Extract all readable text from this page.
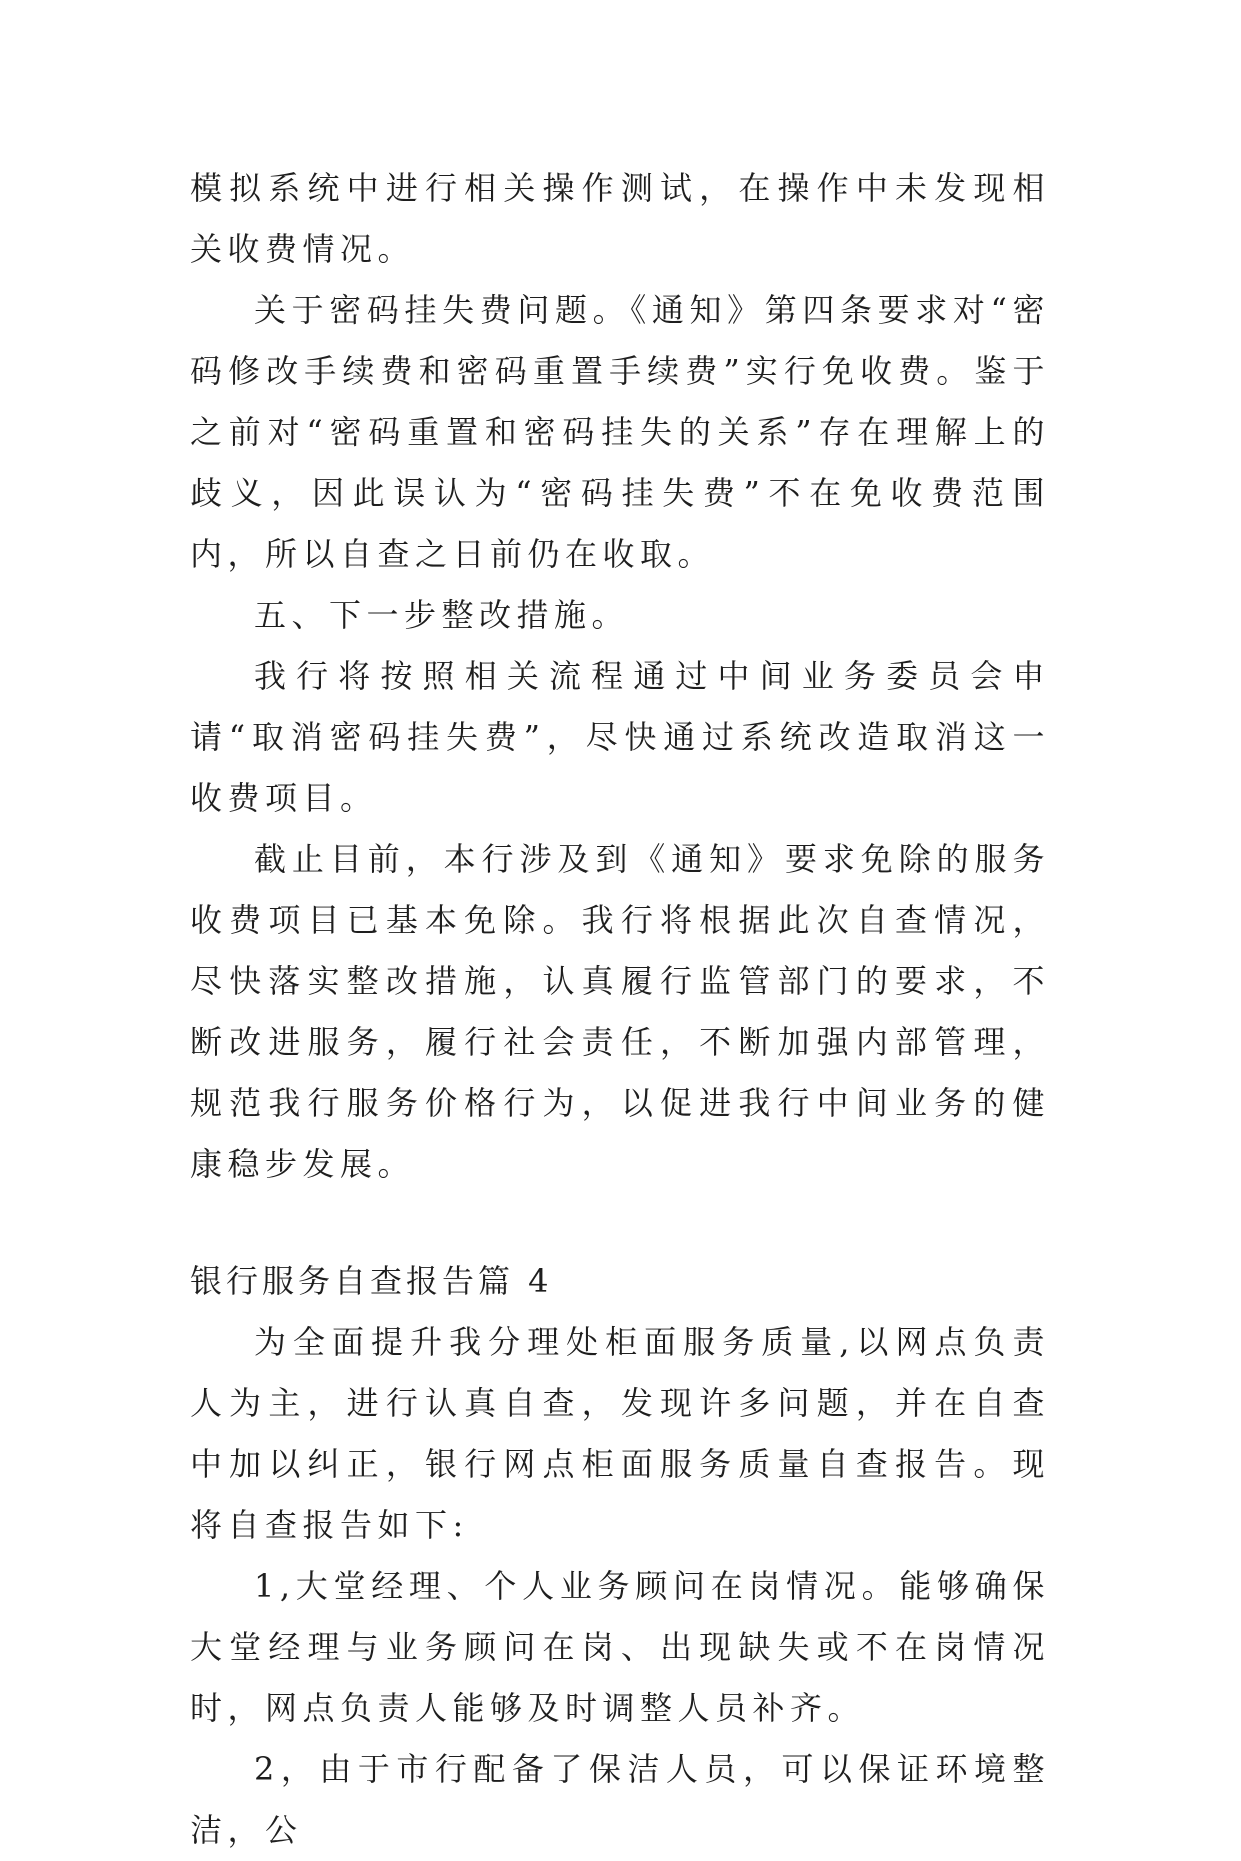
模拟系统中进行相关操作测试，在操作中未发现相关收费情况。

关于密码挂失费问题。《通知》第四条要求对“密码修改手续费和密码重置手续费”实行免收费。鉴于之前对“密码重置和密码挂失的关系”存在理解上的歧义，因此误认为“密码挂失费”不在免收费范围内，所以自查之日前仍在收取。

五、下一步整改措施。

我行将按照相关流程通过中间业务委员会申请“取消密码挂失费”，尽快通过系统改造取消这一收费项目。

截止目前，本行涉及到《通知》要求免除的服务收费项目已基本免除。我行将根据此次自查情况，尽快落实整改措施，认真履行监管部门的要求，不断改进服务，履行社会责任，不断加强内部管理，规范我行服务价格行为，以促进我行中间业务的健康稳步发展。

银行服务自查报告篇 4

为全面提升我分理处柜面服务质量,以网点负责人为主，进行认真自查，发现许多问题，并在自查中加以纠正，银行网点柜面服务质量自查报告。现将自查报告如下:

1,大堂经理、个人业务顾问在岗情况。能够确保大堂经理与业务顾问在岗、出现缺失或不在岗情况时，网点负责人能够及时调整人员补齐。

2，由于市行配备了保洁人员，可以保证环境整洁，公
